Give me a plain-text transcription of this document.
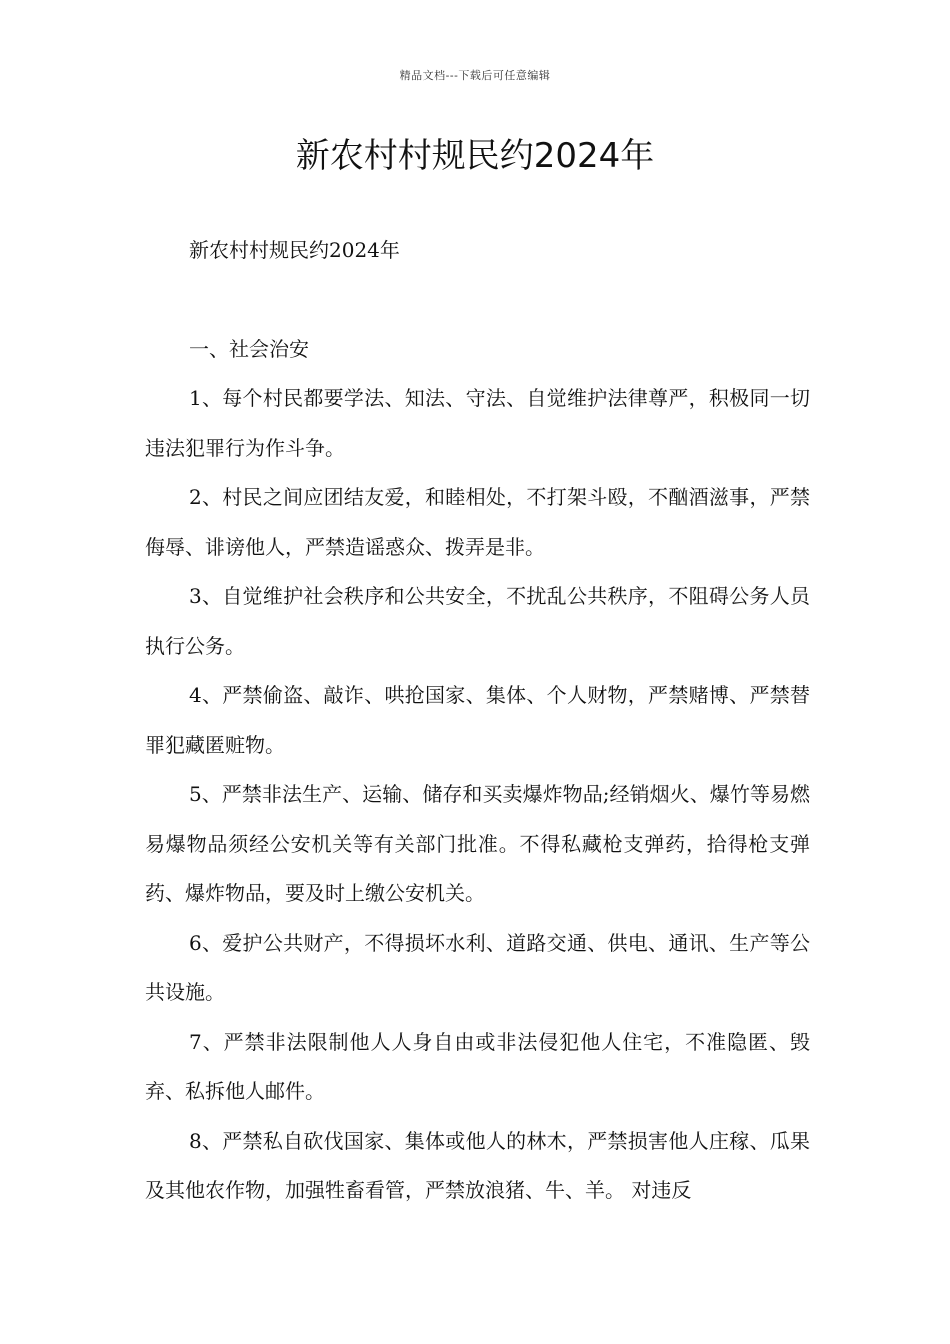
精品文档---下载后可任意编辑
新农村村规民约2024年

新农村村规民约2024年

一、社会治安

1、每个村民都要学法、知法、守法、自觉维护法律尊严，积极同一切违法犯罪行为作斗争。

2、村民之间应团结友爱，和睦相处，不打架斗殴，不酗酒滋事，严禁侮辱、诽谤他人，严禁造谣惑众、拨弄是非。

3、自觉维护社会秩序和公共安全，不扰乱公共秩序，不阻碍公务人员执行公务。

4、严禁偷盗、敲诈、哄抢国家、集体、个人财物，严禁赌博、严禁替罪犯藏匿赃物。

5、严禁非法生产、运输、储存和买卖爆炸物品;经销烟火、爆竹等易燃易爆物品须经公安机关等有关部门批准。不得私藏枪支弹药，拾得枪支弹药、爆炸物品，要及时上缴公安机关。

6、爱护公共财产，不得损坏水利、道路交通、供电、通讯、生产等公共设施。

7、严禁非法限制他人人身自由或非法侵犯他人住宅，不准隐匿、毁弃、私拆他人邮件。

8、严禁私自砍伐国家、集体或他人的林木，严禁损害他人庄稼、瓜果及其他农作物，加强牲畜看管，严禁放浪猪、牛、羊。 对违反
